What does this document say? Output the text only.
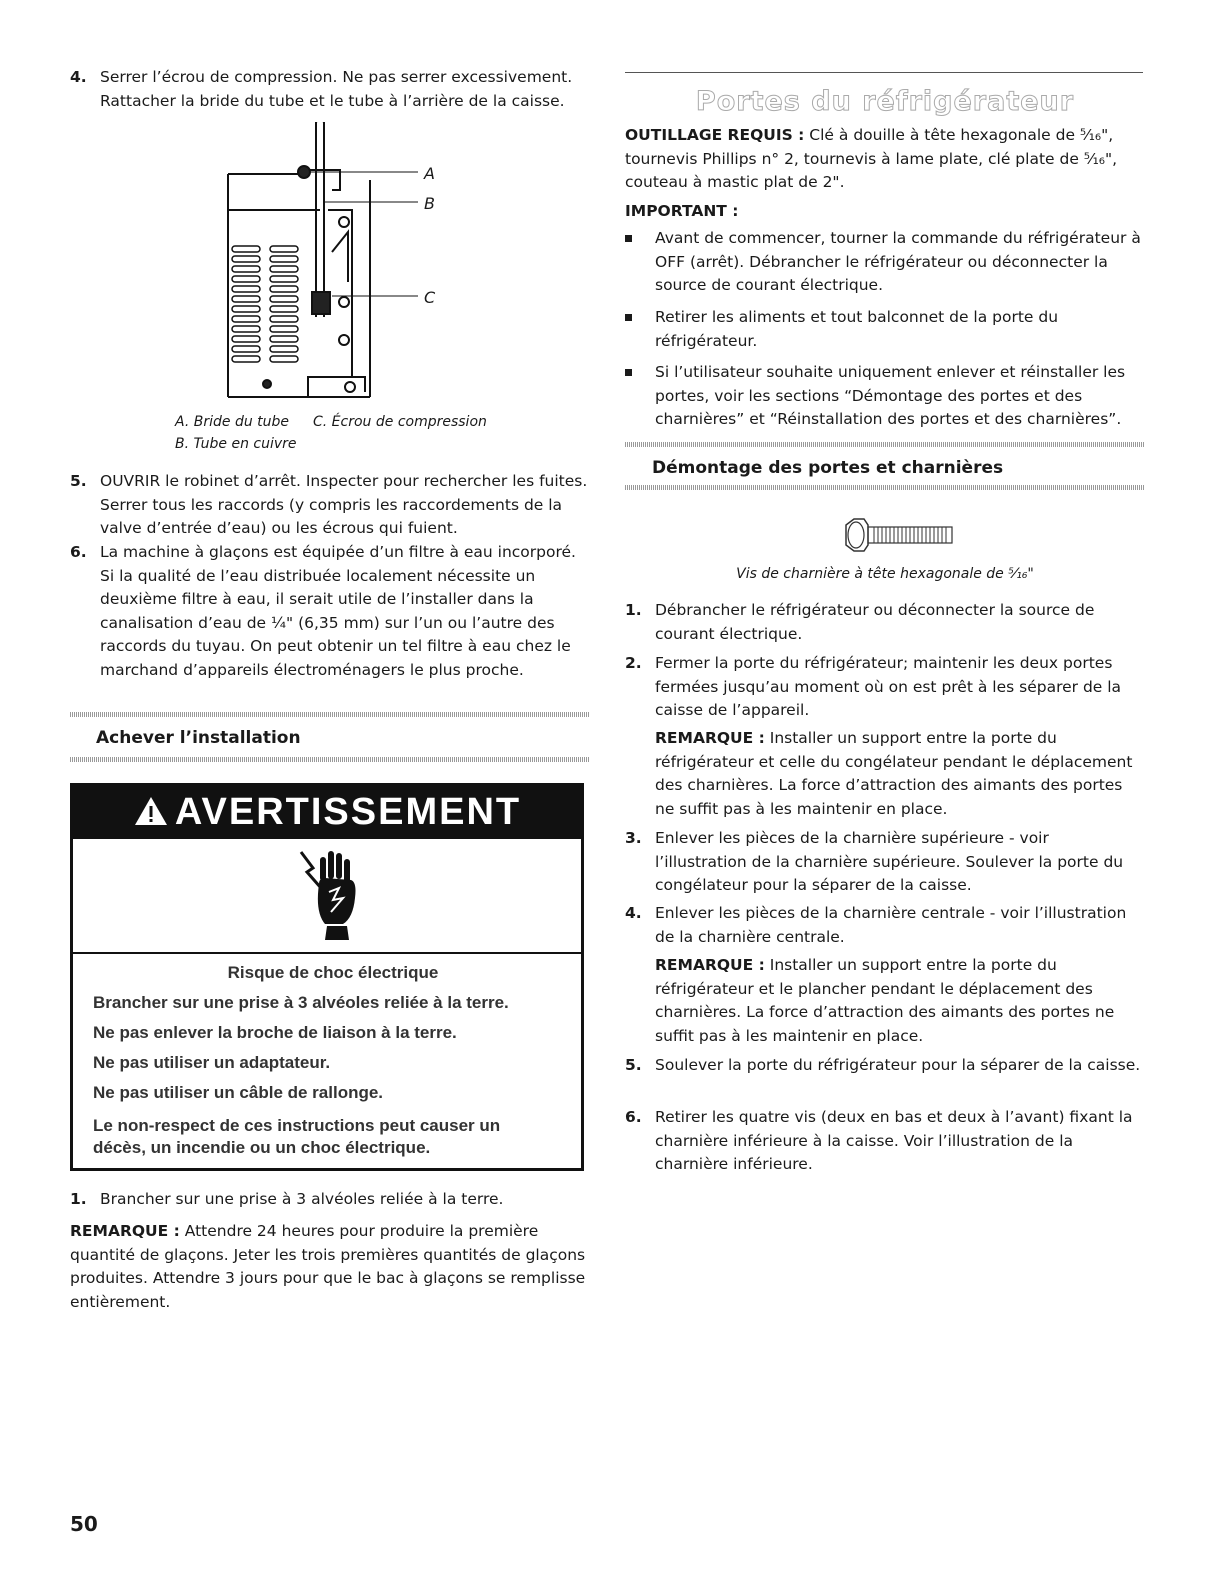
4. Serrer l’écrou de compression. Ne pas serrer excessivement. Rattacher la bride du tube et le tube à l’arrière de la caisse.
A
B
C
A. Bride du tube C. Écrou de compression
B. Tube en cuivre
5. OUVRIR le robinet d’arrêt. Inspecter pour rechercher les fuites. Serrer tous les raccords (y compris les raccordements de la valve d’entrée d’eau) ou les écrous qui fuient.
6. La machine à glaçons est équipée d’un filtre à eau incorporé. Si la qualité de l’eau distribuée localement nécessite un deuxième filtre à eau, il serait utile de l’installer dans la canalisation d’eau de ¼" (6,35 mm) sur l’un ou l’autre des raccords du tuyau. On peut obtenir un tel filtre à eau chez le marchand d’appareils électroménagers le plus proche.
Achever l’installation
AVERTISSEMENT
Risque de choc électrique
Brancher sur une prise à 3 alvéoles reliée à la terre.
Ne pas enlever la broche de liaison à la terre.
Ne pas utiliser un adaptateur.
Ne pas utiliser un câble de rallonge.
Le non-respect de ces instructions peut causer un décès, un incendie ou un choc électrique.
1. Brancher sur une prise à 3 alvéoles reliée à la terre.
REMARQUE : Attendre 24 heures pour produire la première quantité de glaçons. Jeter les trois premières quantités de glaçons produites. Attendre 3 jours pour que le bac à glaçons se remplisse entièrement.
Portes du réfrigérateur
OUTILLAGE REQUIS : Clé à douille à tête hexagonale de ⁵⁄₁₆", tournevis Phillips n° 2, tournevis à lame plate, clé plate de ⁵⁄₁₆", couteau à mastic plat de 2".
IMPORTANT :
Avant de commencer, tourner la commande du réfrigérateur à OFF (arrêt). Débrancher le réfrigérateur ou déconnecter la source de courant électrique.
Retirer les aliments et tout balconnet de la porte du réfrigérateur.
Si l’utilisateur souhaite uniquement enlever et réinstaller les portes, voir les sections “Démontage des portes et des charnières” et “Réinstallation des portes et des charnières”.
Démontage des portes et charnières
Vis de charnière à tête hexagonale de ⁵⁄₁₆"
1. Débrancher le réfrigérateur ou déconnecter la source de courant électrique.
2. Fermer la porte du réfrigérateur; maintenir les deux portes fermées jusqu’au moment où on est prêt à les séparer de la caisse de l’appareil.
REMARQUE : Installer un support entre la porte du réfrigérateur et celle du congélateur pendant le déplacement des charnières. La force d’attraction des aimants des portes ne suffit pas à les maintenir en place.
3. Enlever les pièces de la charnière supérieure - voir l’illustration de la charnière supérieure. Soulever la porte du congélateur pour la séparer de la caisse.
4. Enlever les pièces de la charnière centrale - voir l’illustration de la charnière centrale.
REMARQUE : Installer un support entre la porte du réfrigérateur et le plancher pendant le déplacement des charnières. La force d’attraction des aimants des portes ne suffit pas à les maintenir en place.
5. Soulever la porte du réfrigérateur pour la séparer de la caisse.
6. Retirer les quatre vis (deux en bas et deux à l’avant) fixant la charnière inférieure à la caisse. Voir l’illustration de la charnière inférieure.
50
